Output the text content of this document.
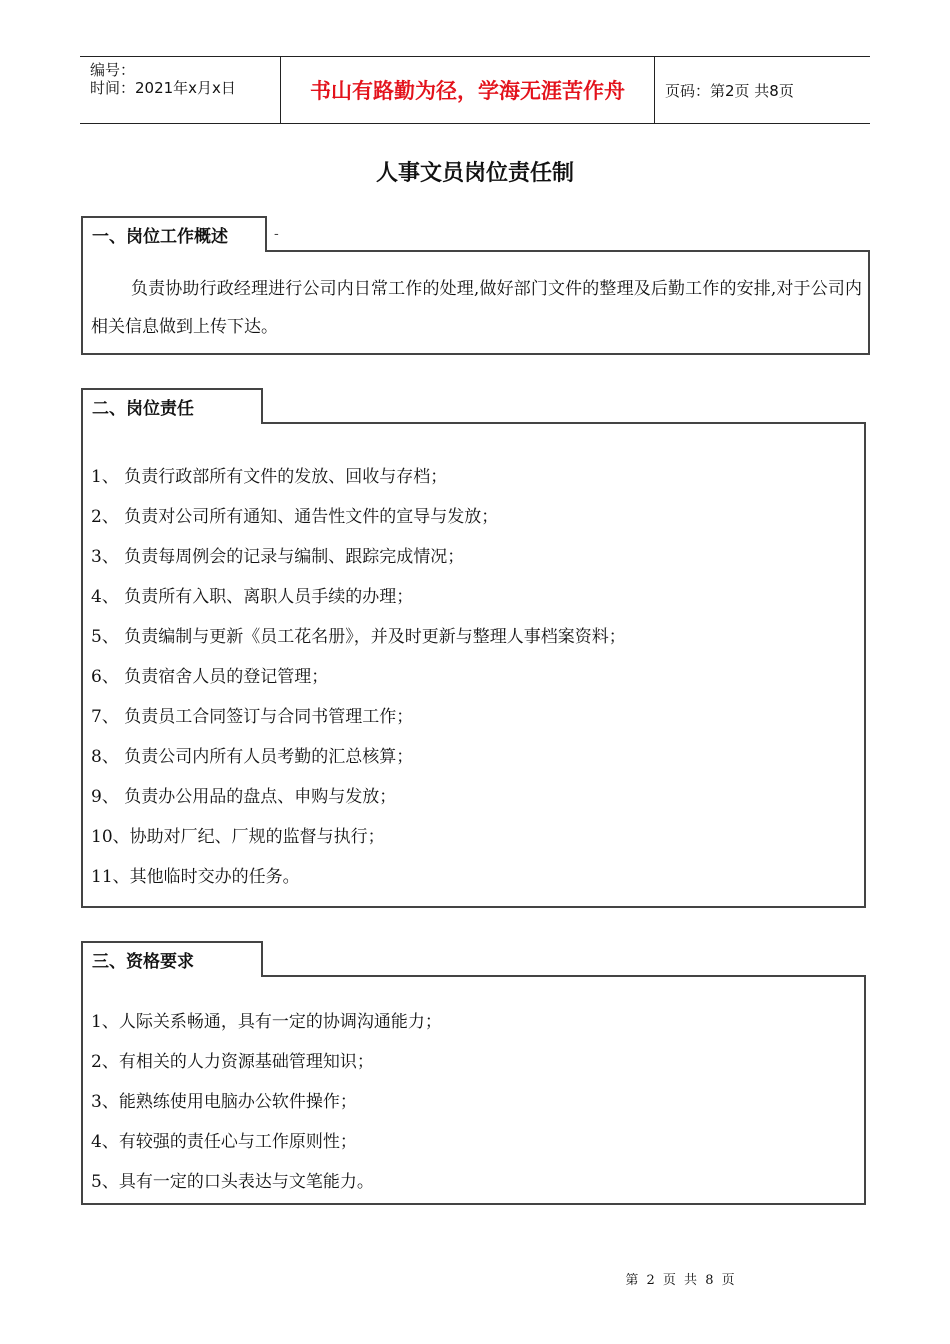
编号：
时间：2021年x月x日	书山有路勤为径，学海无涯苦作舟	页码：第2页 共8页
人事文员岗位责任制
负责协助行政经理进行公司内日常工作的处理,做好部门文件的整理及后勤工作的安排,对于公司内相关信息做到上传下达。
一、岗位工作概述	-
1、 负责行政部所有文件的发放、回收与存档；
2、 负责对公司所有通知、通告性文件的宣导与发放；
3、 负责每周例会的记录与编制、跟踪完成情况；
4、 负责所有入职、离职人员手续的办理；
5、 负责编制与更新《员工花名册》，并及时更新与整理人事档案资料；
6、 负责宿舍人员的登记管理；
7、 负责员工合同签订与合同书管理工作；
8、 负责公司内所有人员考勤的汇总核算；
9、 负责办公用品的盘点、申购与发放；
10、协助对厂纪、厂规的监督与执行；
11、其他临时交办的任务。
二、岗位责任
1、人际关系畅通，具有一定的协调沟通能力；
2、有相关的人力资源基础管理知识；
3、能熟练使用电脑办公软件操作；
4、有较强的责任心与工作原则性；
5、具有一定的口头表达与文笔能力。
三、资格要求
第 2 页 共 8 页
